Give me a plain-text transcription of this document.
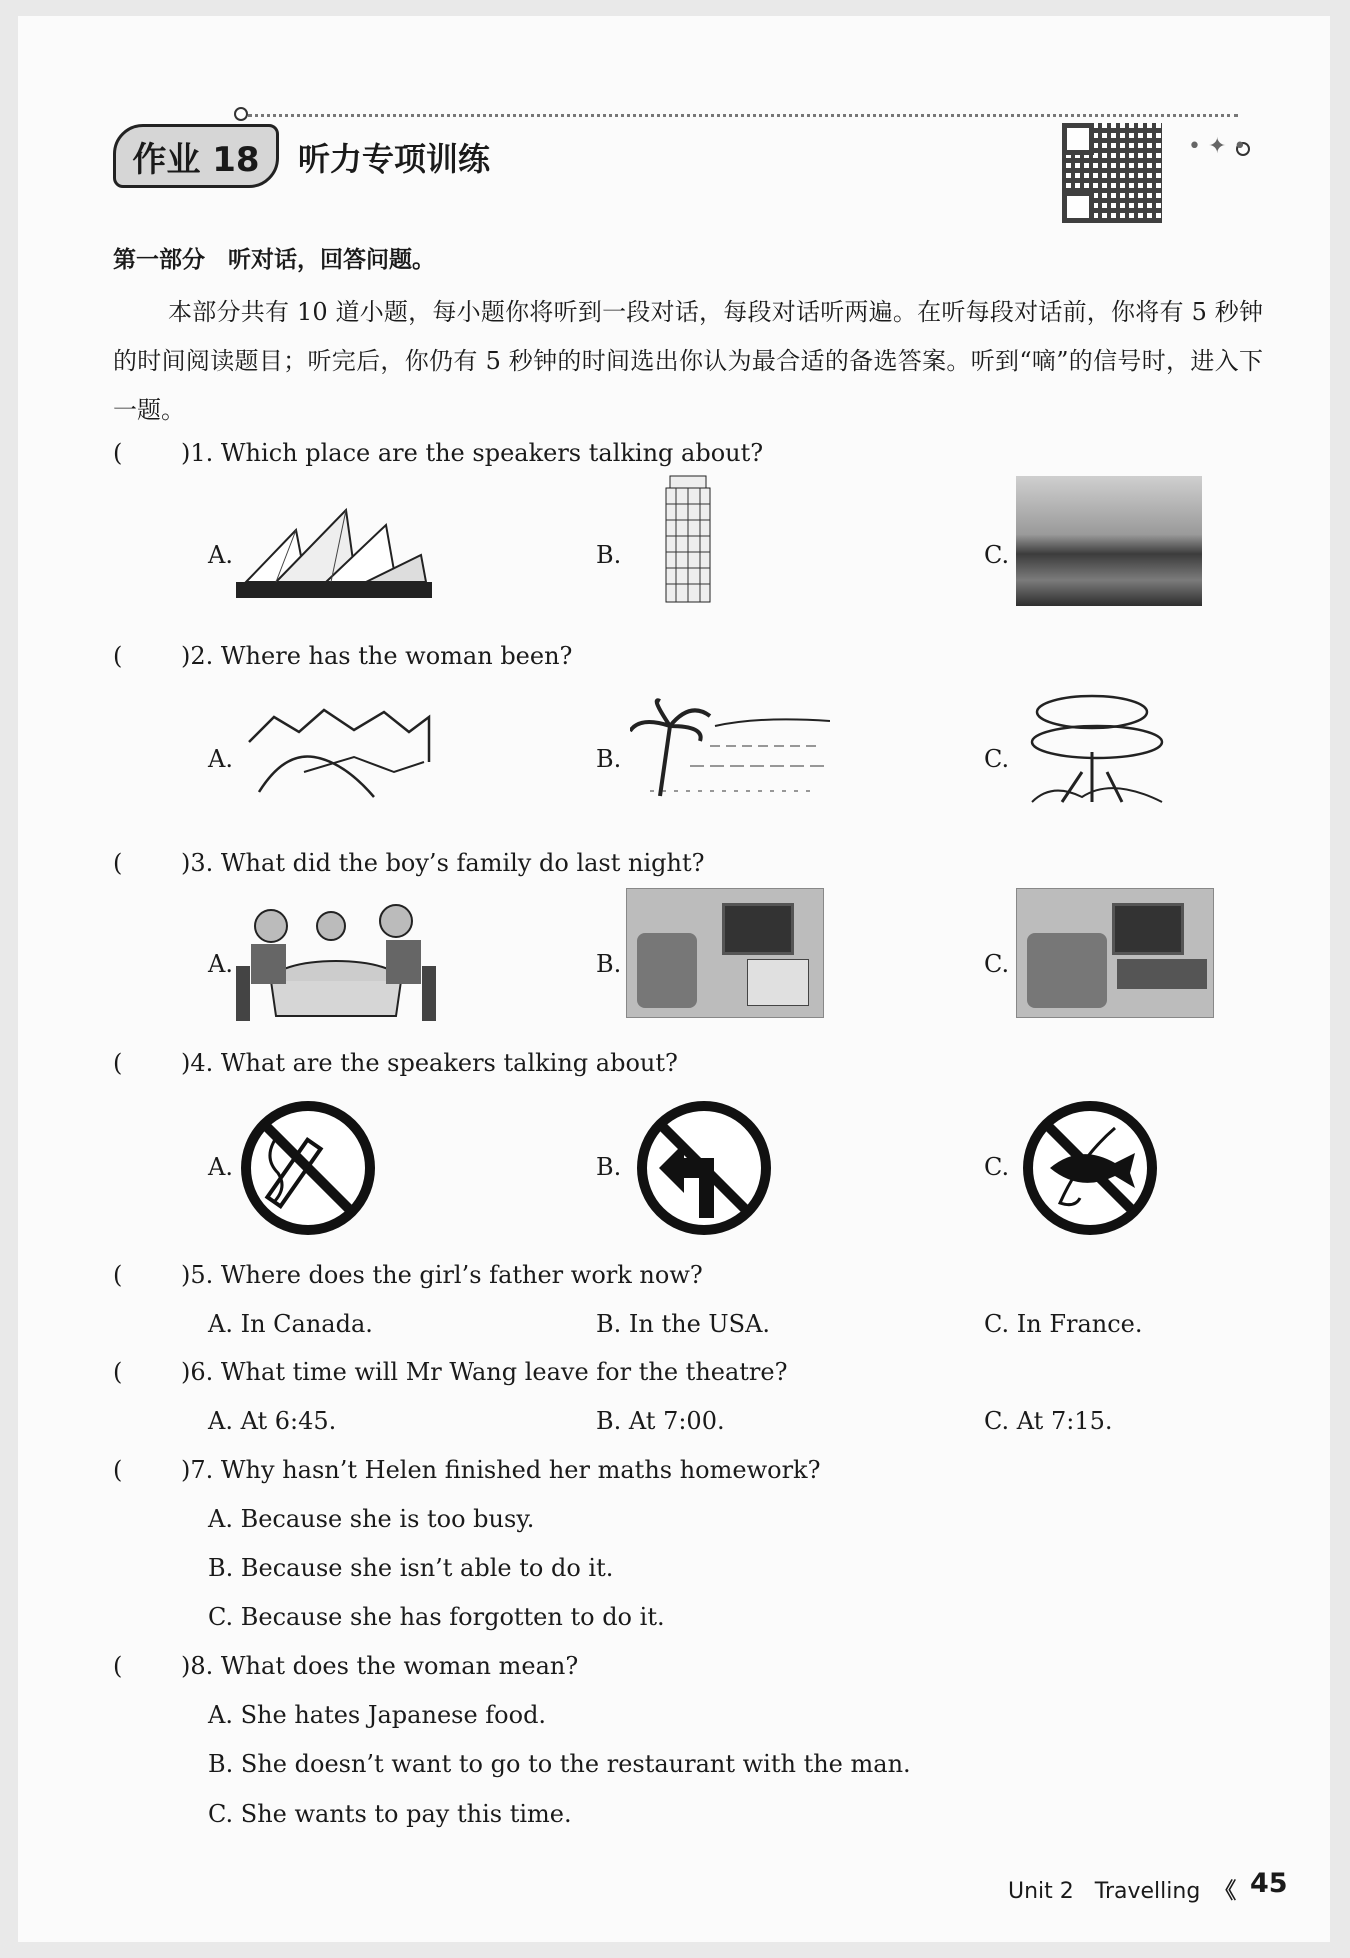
作业 18	听力专项训练	• ✦ •
第一部分　听对话，回答问题。
本部分共有 10 道小题，每小题你将听到一段对话，每段对话听两遍。在听每段对话前，你将有 5 秒钟的时间阅读题目；听完后，你仍有 5 秒钟的时间选出你认为最合适的备选答案。听到“嘀”的信号时，进入下一题。
( )1. Which place are the speakers talking about?
A.	B.	C.
( )2. Where has the woman been?
A.	B.	C.
( )3. What did the boy’s family do last night?
A.	B.	C.
( )4. What are the speakers talking about?
A.	B.	C.
( )5. Where does the girl’s father work now?
A. In Canada.	B. In the USA.	C. In France.
( )6. What time will Mr Wang leave for the theatre?
A. At 6:45.	B. At 7:00.	C. At 7:15.
( )7. Why hasn’t Helen finished her maths homework?
A. Because she is too busy.
B. Because she isn’t able to do it.
C. Because she has forgotten to do it.
( )8. What does the woman mean?
A. She hates Japanese food.
B. She doesn’t want to go to the restaurant with the man.
C. She wants to pay this time.
Unit 2 Travelling 《 45
